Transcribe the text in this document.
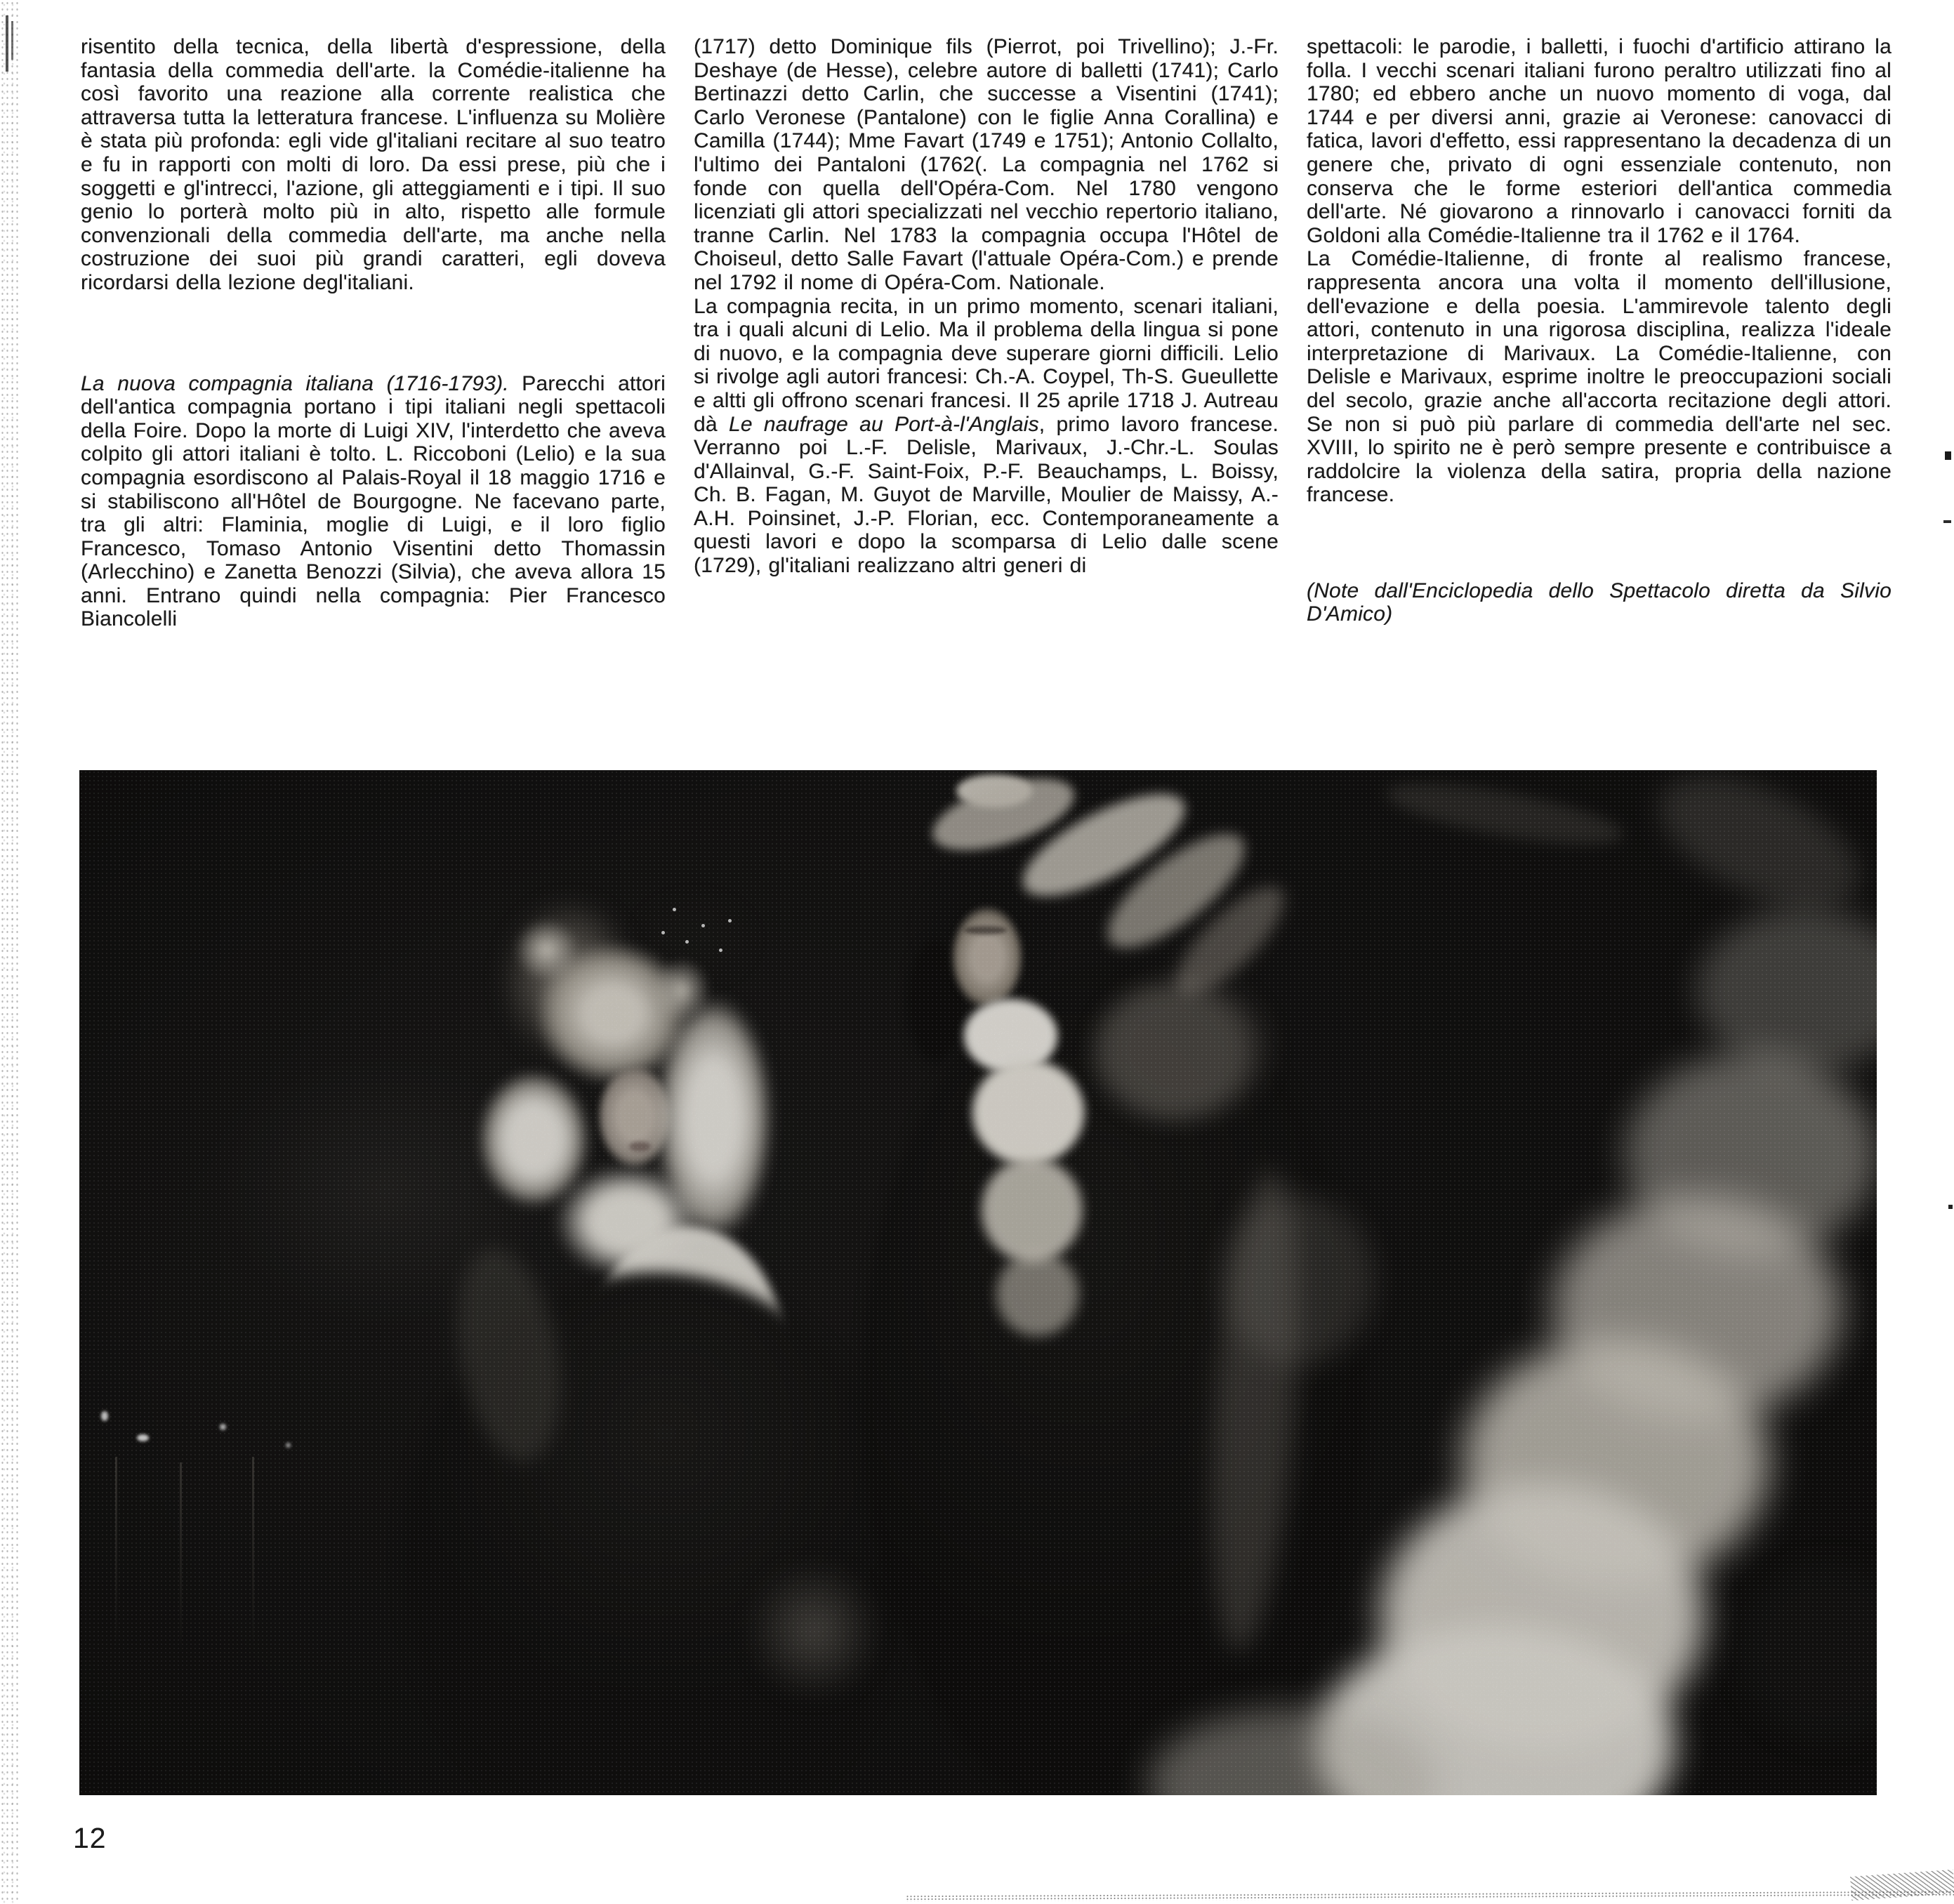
risentito della tecnica, della libertà d'espressione, della fantasia della commedia dell'arte. la Comédie-italienne ha così favorito una reazione alla corrente realistica che attraversa tutta la letteratura francese. L'influenza su Molière è stata più profonda: egli vide gl'italiani recitare al suo teatro e fu in rapporti con molti di loro. Da essi prese, più che i soggetti e gl'intrecci, l'azione, gli atteggiamenti e i tipi. Il suo genio lo porterà molto più in alto, rispetto alle formule convenzionali della commedia dell'arte, ma anche nella costruzione dei suoi più grandi caratteri, egli doveva ricordarsi della lezione degl'italiani.

La nuova compagnia italiana (1716-1793). Parecchi attori dell'antica compagnia portano i tipi italiani negli spettacoli della Foire. Dopo la morte di Luigi XIV, l'interdetto che aveva colpito gli attori italiani è tolto. L. Riccoboni (Lelio) e la sua compagnia esordiscono al Palais-Royal il 18 maggio 1716 e si stabiliscono all'Hôtel de Bourgogne. Ne facevano parte, tra gli altri: Flaminia, moglie di Luigi, e il loro figlio Francesco, Tomaso Antonio Visentini detto Thomassin (Arlecchino) e Zanetta Benozzi (Silvia), che aveva allora 15 anni. Entrano quindi nella compagnia: Pier Francesco Biancolelli

(1717) detto Dominique fils (Pierrot, poi Trivellino); J.-Fr. Deshaye (de Hesse), celebre autore di balletti (1741); Carlo Bertinazzi detto Carlin, che successe a Visentini (1741); Carlo Veronese (Pantalone) con le figlie Anna Corallina) e Camilla (1744); Mme Favart (1749 e 1751); Antonio Collalto, l'ultimo dei Pantaloni (1762(. La compagnia nel 1762 si fonde con quella dell'Opéra-Com. Nel 1780 vengono licenziati gli attori specializzati nel vecchio repertorio italiano, tranne Carlin. Nel 1783 la compagnia occupa l'Hôtel de Choiseul, detto Salle Favart (l'attuale Opéra-Com.) e prende nel 1792 il nome di Opéra-Com. Nationale.

La compagnia recita, in un primo momento, scenari italiani, tra i quali alcuni di Lelio. Ma il problema della lingua si pone di nuovo, e la compagnia deve superare giorni difficili. Lelio si rivolge agli autori francesi: Ch.-A. Coypel, Th-S. Gueullette e altti gli offrono scenari francesi. Il 25 aprile 1718 J. Autreau dà Le naufrage au Port-à-l'Anglais, primo lavoro francese. Verranno poi L.-F. Delisle, Marivaux, J.-Chr.-L. Soulas d'Allainval, G.-F. Saint-Foix, P.-F. Beauchamps, L. Boissy, Ch. B. Fagan, M. Guyot de Marville, Moulier de Maissy, A.-A.H. Poinsinet, J.-P. Florian, ecc. Contemporaneamente a questi lavori e dopo la scomparsa di Lelio dalle scene (1729), gl'italiani realizzano altri generi di

spettacoli: le parodie, i balletti, i fuochi d'artificio attirano la folla. I vecchi scenari italiani furono peraltro utilizzati fino al 1780; ed ebbero anche un nuovo momento di voga, dal 1744 e per diversi anni, grazie ai Veronese: canovacci di fatica, lavori d'effetto, essi rappresentano la decadenza di un genere che, privato di ogni essenziale contenuto, non conserva che le forme esteriori dell'antica commedia dell'arte. Né giovarono a rinnovarlo i canovacci forniti da Goldoni alla Comédie-Italienne tra il 1762 e il 1764.

La Comédie-Italienne, di fronte al realismo francese, rappresenta ancora una volta il momento dell'illusione, dell'evazione e della poesia. L'ammirevole talento degli attori, contenuto in una rigorosa disciplina, realizza l'ideale interpretazione di Marivaux. La Comédie-Italienne, con Delisle e Marivaux, esprime inoltre le preoccupazioni sociali del secolo, grazie anche all'accorta recitazione degli attori. Se non si può più parlare di commedia dell'arte nel sec. XVIII, lo spirito ne è però sempre presente e contribuisce a raddolcire la violenza della satira, propria della nazione francese.

(Note dall'Enciclopedia dello Spettacolo diretta da Silvio D'Amico)

12
